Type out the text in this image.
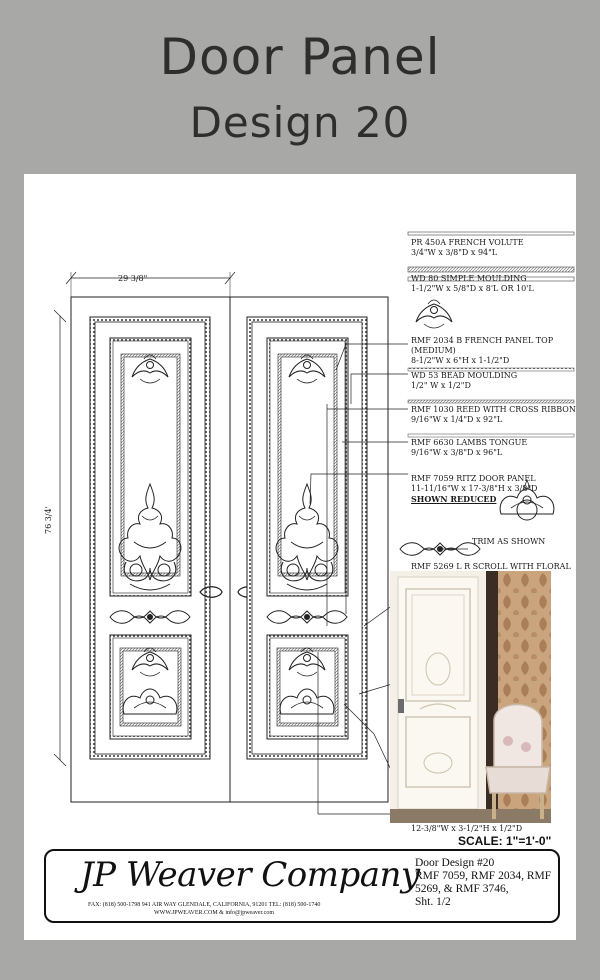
Door Panel
Design 20
29 3/8"
76 3/4'
PR 450A FRENCH VOLUTE
3/4"W x 3/8"D x 94"L
WD 80 SIMPLE MOULDING
1-1/2"W x 5/8"D x 8'L OR 10'L
RMF 2034 B FRENCH PANEL TOP
(MEDIUM)
8-1/2"W x 6"H x 1-1/2"D
WD 53 BEAD MOULDING
1/2" W x 1/2"D
RMF 1030 REED WITH CROSS RIBBON
9/16"W x 1/4"D x 92"L
RMF 6630 LAMBS TONGUE
9/16"W x 3/8"D x 96"L
RMF 7059 RITZ DOOR PANEL
11-11/16"W x 17-3/8"H x 3/8"D
SHOWN REDUCED
TRIM AS SHOWN
RMF 5269 L R SCROLL WITH FLORAL
12-3/8"W x 3-1/2"H x 1/2"D
SCALE: 1"=1'-0"
JP Weaver Company
FAX: (818) 500-1798 941 AIR WAY GLENDALE, CALIFORNIA, 91201 TEL: (818) 500-1740
WWW.JPWEAVER.COM & info@jpweaver.com
Door Design #20
RMF 7059, RMF 2034, RMF
5269, & RMF 3746,
Sht. 1/2
